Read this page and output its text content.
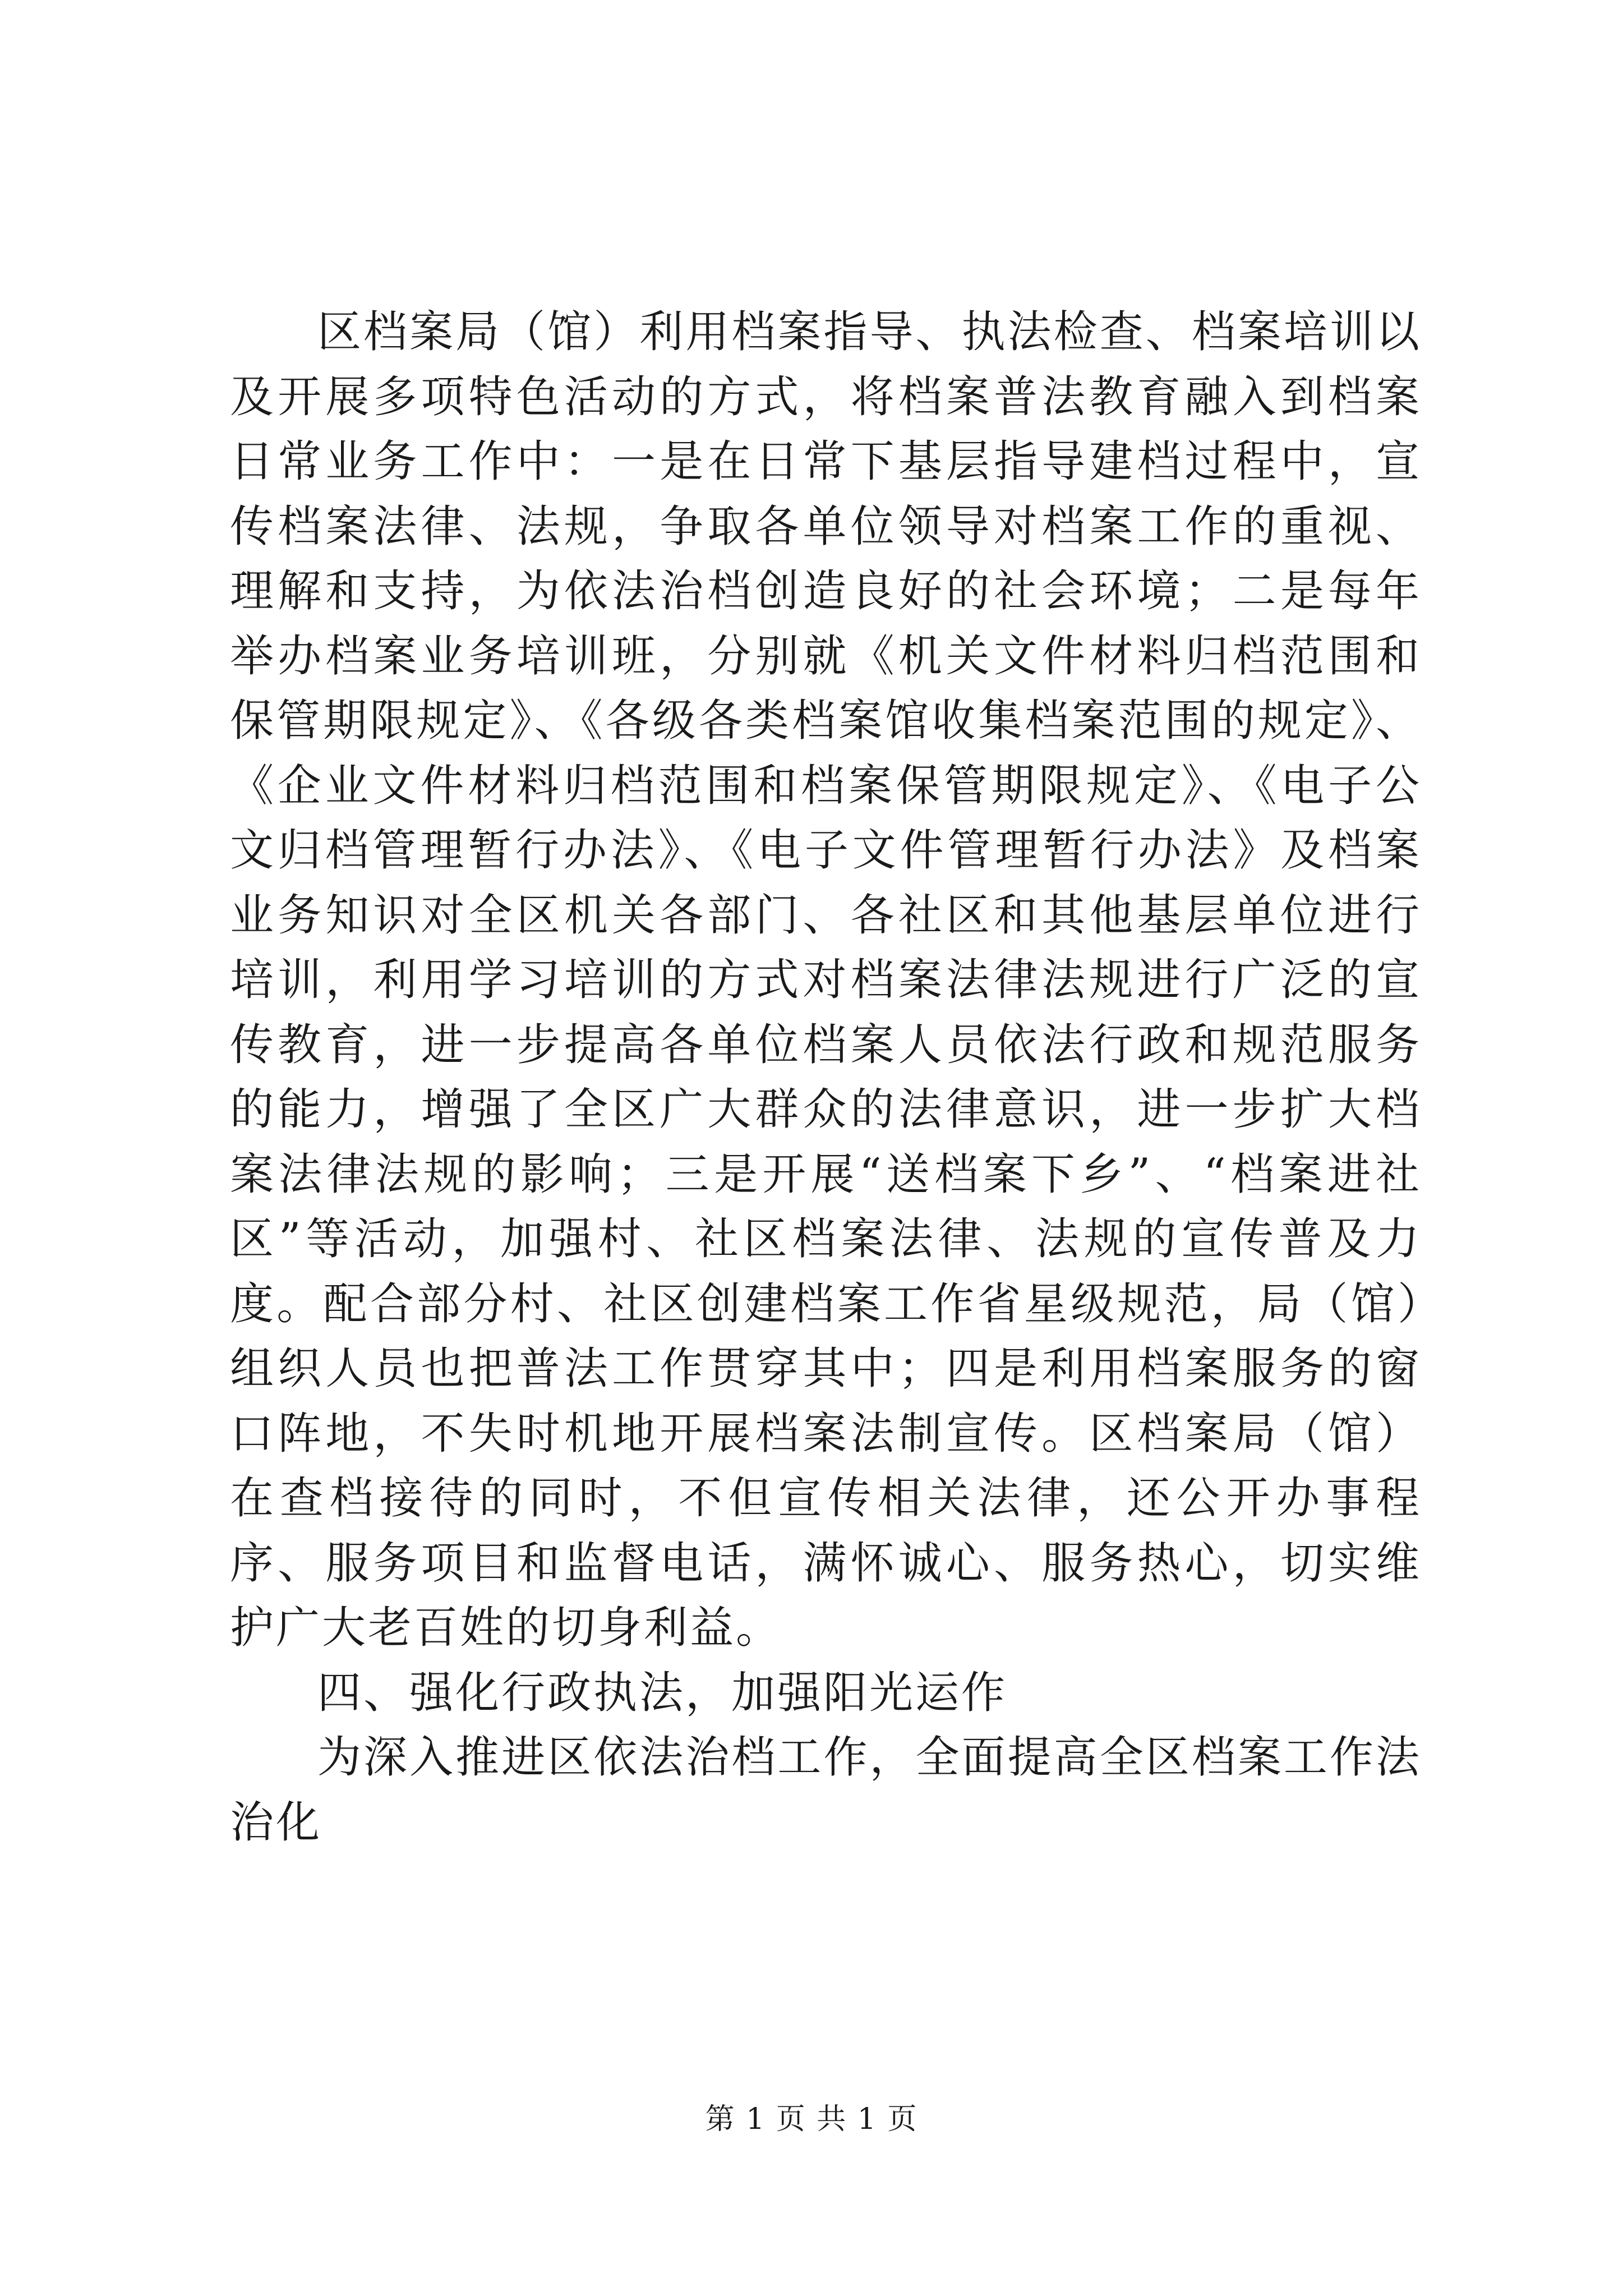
区档案局（馆）利用档案指导、执法检查、档案培训以及开展多项特色活动的方式，将档案普法教育融入到档案日常业务工作中：一是在日常下基层指导建档过程中，宣传档案法律、法规，争取各单位领导对档案工作的重视、理解和支持，为依法治档创造良好的社会环境；二是每年举办档案业务培训班，分别就《机关文件材料归档范围和保管期限规定》、《各级各类档案馆收集档案范围的规定》、《企业文件材料归档范围和档案保管期限规定》、《电子公文归档管理暂行办法》、《电子文件管理暂行办法》及档案业务知识对全区机关各部门、各社区和其他基层单位进行培训，利用学习培训的方式对档案法律法规进行广泛的宣传教育，进一步提高各单位档案人员依法行政和规范服务的能力，增强了全区广大群众的法律意识，进一步扩大档案法律法规的影响；三是开展“送档案下乡”、“档案进社区”等活动，加强村、社区档案法律、法规的宣传普及力度。配合部分村、社区创建档案工作省星级规范，局（馆）组织人员也把普法工作贯穿其中；四是利用档案服务的窗口阵地，不失时机地开展档案法制宣传。区档案局（馆）在查档接待的同时，不但宣传相关法律，还公开办事程序、服务项目和监督电话，满怀诚心、服务热心，切实维护广大老百姓的切身利益。

四、强化行政执法，加强阳光运作

为深入推进区依法治档工作，全面提高全区档案工作法治化

第 1 页 共 1 页
